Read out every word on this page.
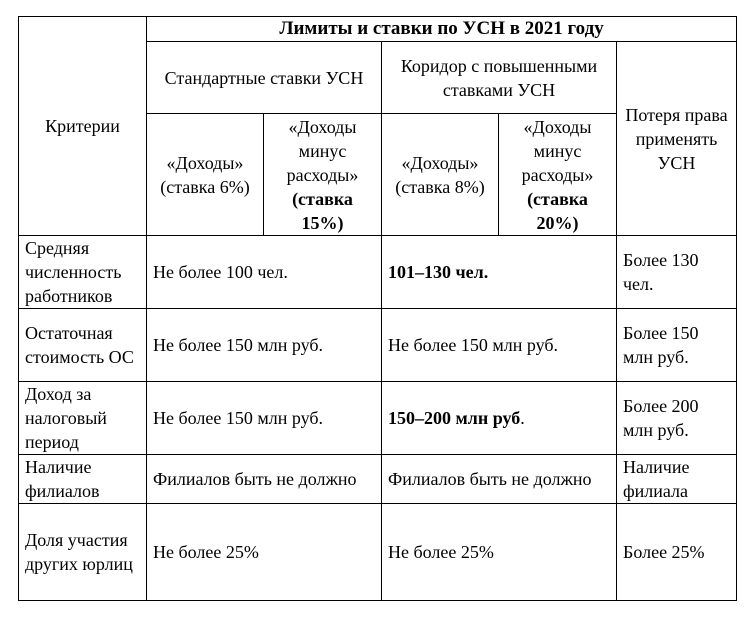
Критерии	Лимиты и ставки по УСН в 2021 году				
	Стандартные ставки УСН		Коридор с повышенными ставками УСН		Потеря права применять УСН
	«Доходы» (ставка 6%)	«Доходы минус расходы» (ставка 15%)	«Доходы» (ставка 8%)	«Доходы минус расходы» (ставка 20%)	
Средняя численность работников	Не более 100 чел.		101–130 чел.		Более 130 чел.
Остаточная стоимость ОС	Не более 150 млн руб.		Не более 150 млн руб.		Более 150 млн руб.
Доход за налоговый период	Не более 150 млн руб.		150–200 млн руб.		Более 200 млн руб.
Наличие филиалов	Филиалов быть не должно		Филиалов быть не должно		Наличие филиала
Доля участия других юрлиц	Не более 25%		Не более 25%		Более 25%
